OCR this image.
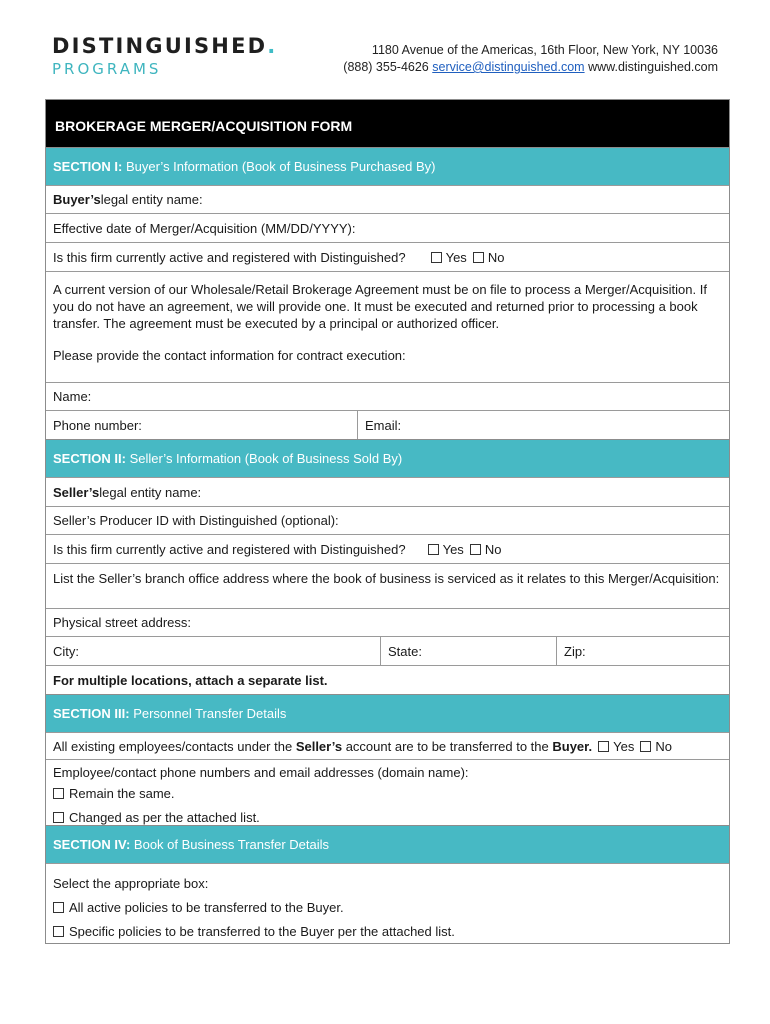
DISTINGUISHED.
PROGRAMS
1180 Avenue of the Americas, 16th Floor, New York, NY 10036
(888) 355-4626 service@distinguished.com www.distinguished.com
BROKERAGE MERGER/ACQUISITION FORM
SECTION I: Buyer’s Information (Book of Business Purchased By)
Buyer’s legal entity name:
Effective date of Merger/Acquisition (MM/DD/YYYY):
Is this firm currently active and registered with Distinguished?	Yes No

A current version of our Wholesale/Retail Brokerage Agreement must be on file to process a Merger/Acquisition. If you do not have an agreement, we will provide one. It must be executed and returned prior to processing a book transfer. The agreement must be executed by a principal or authorized officer.

Please provide the contact information for contract execution:

Name:
Phone number:	Email:
SECTION II: Seller’s Information (Book of Business Sold By)
Seller’s legal entity name:
Seller’s Producer ID with Distinguished (optional):
Is this firm currently active and registered with Distinguished?	Yes No

List the Seller’s branch office address where the book of business is serviced as it relates to this Merger/Acquisition:

Physical street address:
City:	State:	Zip:
For multiple locations, attach a separate list.
SECTION III: Personnel Transfer Details
All existing employees/contacts under the Seller’s account are to be transferred to the Buyer. Yes No
Employee/contact phone numbers and email addresses (domain name):
Remain the same.
Changed as per the attached list.
SECTION IV: Book of Business Transfer Details
Select the appropriate box:
All active policies to be transferred to the Buyer.
Specific policies to be transferred to the Buyer per the attached list.
